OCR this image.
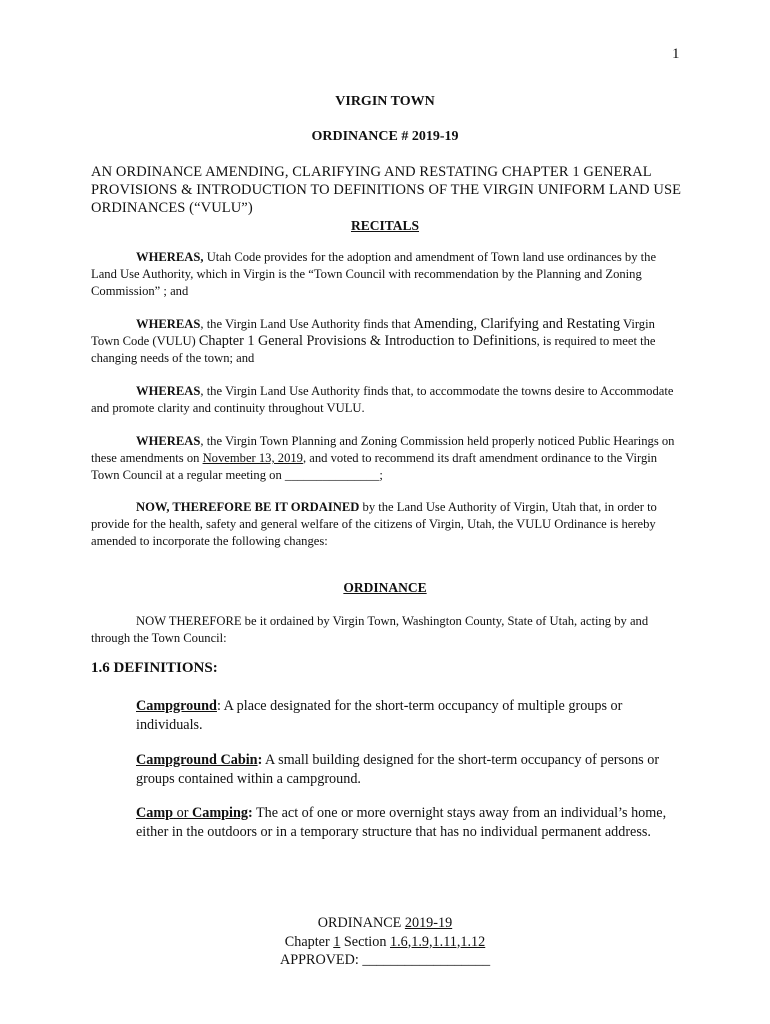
1
VIRGIN TOWN
ORDINANCE # 2019-19
AN ORDINANCE AMENDING, CLARIFYING AND RESTATING CHAPTER 1 GENERAL PROVISIONS & INTRODUCTION TO DEFINITIONS OF THE VIRGIN UNIFORM LAND USE ORDINANCES (“VULU”)
RECITALS
WHEREAS, Utah Code provides for the adoption and amendment of Town land use ordinances by the Land Use Authority, which in Virgin is the “Town Council with recommendation by the Planning and Zoning Commission” ; and
WHEREAS, the Virgin Land Use Authority finds that Amending, Clarifying and Restating Virgin Town Code (VULU) Chapter 1 General Provisions & Introduction to Definitions, is required to meet the changing needs of the town; and
WHEREAS, the Virgin Land Use Authority finds that, to accommodate the towns desire to Accommodate and promote clarity and continuity throughout VULU.
WHEREAS, the Virgin Town Planning and Zoning Commission held properly noticed Public Hearings on these amendments on November 13, 2019, and voted to recommend its draft amendment ordinance to the Virgin Town Council at a regular meeting on _______________;
NOW, THEREFORE BE IT ORDAINED by the Land Use Authority of Virgin, Utah that, in order to provide for the health, safety and general welfare of the citizens of Virgin, Utah, the VULU Ordinance is hereby amended to incorporate the following changes:
ORDINANCE
NOW THEREFORE be it ordained by Virgin Town, Washington County, State of Utah, acting by and through the Town Council:
1.6 DEFINITIONS:
Campground: A place designated for the short-term occupancy of multiple groups or individuals.
Campground Cabin: A small building designed for the short-term occupancy of persons or groups contained within a campground.
Camp or Camping: The act of one or more overnight stays away from an individual’s home, either in the outdoors or in a temporary structure that has no individual permanent address.
ORDINANCE 2019-19
Chapter 1 Section 1.6,1.9,1.11,1.12
APPROVED: __________________
